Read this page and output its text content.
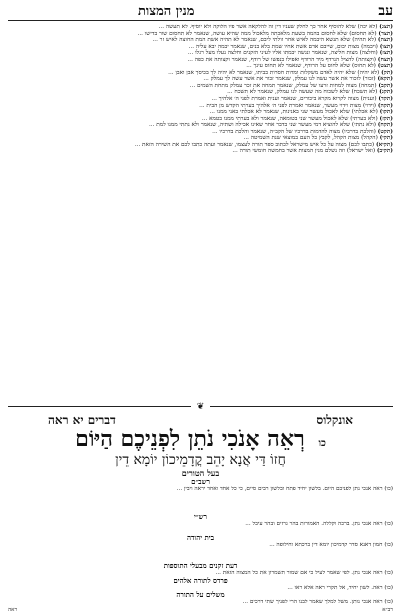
עב
מנין המצות
(תצג) (לא יכה) שלא להוסיף אחר כך לחלק שעניו דין זה להלקאה אשר פיו הלוקה ולא יוסיף. לא תעשה ...
(תצד) (לא תחסום) שלא לחסום בהמה בשעת מלאכתה מלאכול ממה שהיא עושה, שנאמר לא תחסום שור בדישו ...
(תצה) (לא תהיה) שלא תנשא היבמה לאיש אחר זולתי ליבם, שנאמר לא תהיה אשת המת החוצה לאיש זר ...
(תצו) (ויבמה) מצות יבום, שייבם אדם אשת אחיו שמת בלא בנים, שנאמר יבמה יבא עליה ...
(תצז) (וחלצה) מצות חליצה, שנאמר ונגשה יבמתו אליו לעיני הזקנים וחלצה נעלו מעל רגלו ...
(תצח) (וקצותה) להציל הנרדף מיד הרודף ואפילו בנפשו של רודף, שנאמר וקצותה את כפה ...
(תצט) (לא תחוס) שלא לחוס על הרודף, שנאמר לא תחוס עינך ...
(תק) (לא יהיה) שלא יהיה לאדם משקלות ומדות חסרות בביתו, שנאמר לא יהיה לך בכיסך אבן ואבן ...
(תקא) (זכור) לזכור את אשר עשה לנו עמלק, שנאמר זכור את אשר עשה לך עמלק ...
(תקב) (תמחה) מצוה למחות זרעו של עמלק, שנאמר תמחה את זכר עמלק מתחת השמים ...
(תקג) (לא תשכח) שלא לשכוח מה שעשה לנו עמלק, שנאמר לא תשכח ...
(תקד) (וענית) מצוה לקרוא מקרא ביכורים, שנאמר וענית ואמרת לפני ה׳ אלהיך ...
(תקה) (וידוי) מצות וידוי מעשר, שנאמר ואמרת לפני ה׳ אלהיך בערתי הקדש מן הבית ...
(תקו) (לא אכלתי) שלא לאכול מעשר שני באנינות, שנאמר לא אכלתי באני ממנו ...
(תקז) (ולא בערתי) שלא לאכול מעשר שני בטומאה, שנאמר ולא בערתי ממנו בטמא ...
(תקח) (ולא נתתי) שלא להוציא דמי מעשר שני בדבר אחר שאינו אכילה ושתיה, שנאמר ולא נתתי ממנו למת ...
(תקט) (והלכת בדרכיו) מצוה להדמות בדרכיו של הקב״ה, שנאמר והלכת בדרכיו ...
(תקי) (הקהל) מצות הקהל, לקבץ כל העם במוצאי שנת השמיטה ...
(תקיא) (כתבו לכם) מצוה על כל איש מישראל לכתוב ספר תורה לעצמו, שנאמר ועתה כתבו לכם את השירה הזאת ...
(תקיב) (ואל ישראל) וזה נשלם מנין המצות אשר בחמשה חומשי תורה ...
❦
אונקלוס
דברים יא ראה
כו רְאֵה אָנֹכִי נֹתֵן לִפְנֵיכֶם הַיּוֹם
חֲזוֹ דַּי אֲנָא יָהֵב קֳדָמֵיכוֹן יוֹמָא דֵין
בעל הטורים
רשב״ם
(כו) ראה אנכי נתן לפניכם היום. בלשון יחיד פתח ובלשון רבים סיים, כי כל אחד ואחד יראה ויבין ...
רש״י
(כו) ראה אנכי נתן. ברכה וקללה. האמורות בהר גרזים ובהר עיבל ...
בית יהודה
(כו) חמון דאנא סדר קדמיכון יומא דין ברכתא וחילופה ...
דעת זקנים מבעלי התוספות
(כו) ראה אנכי נתן. לפי שאמר לעיל כי אם שמור תשמרון את כל המצוה הזאת ...
פרדס לתורה אלהים
(כו) ראה. לשון יחיד, אל תקרי ראה אלא ראו ...
משלים על התורה
(כו) ראה אנכי נותן. משל למלך שאמר לבנו הרי לפניך שתי דרכים ...
רב״א
ראה
